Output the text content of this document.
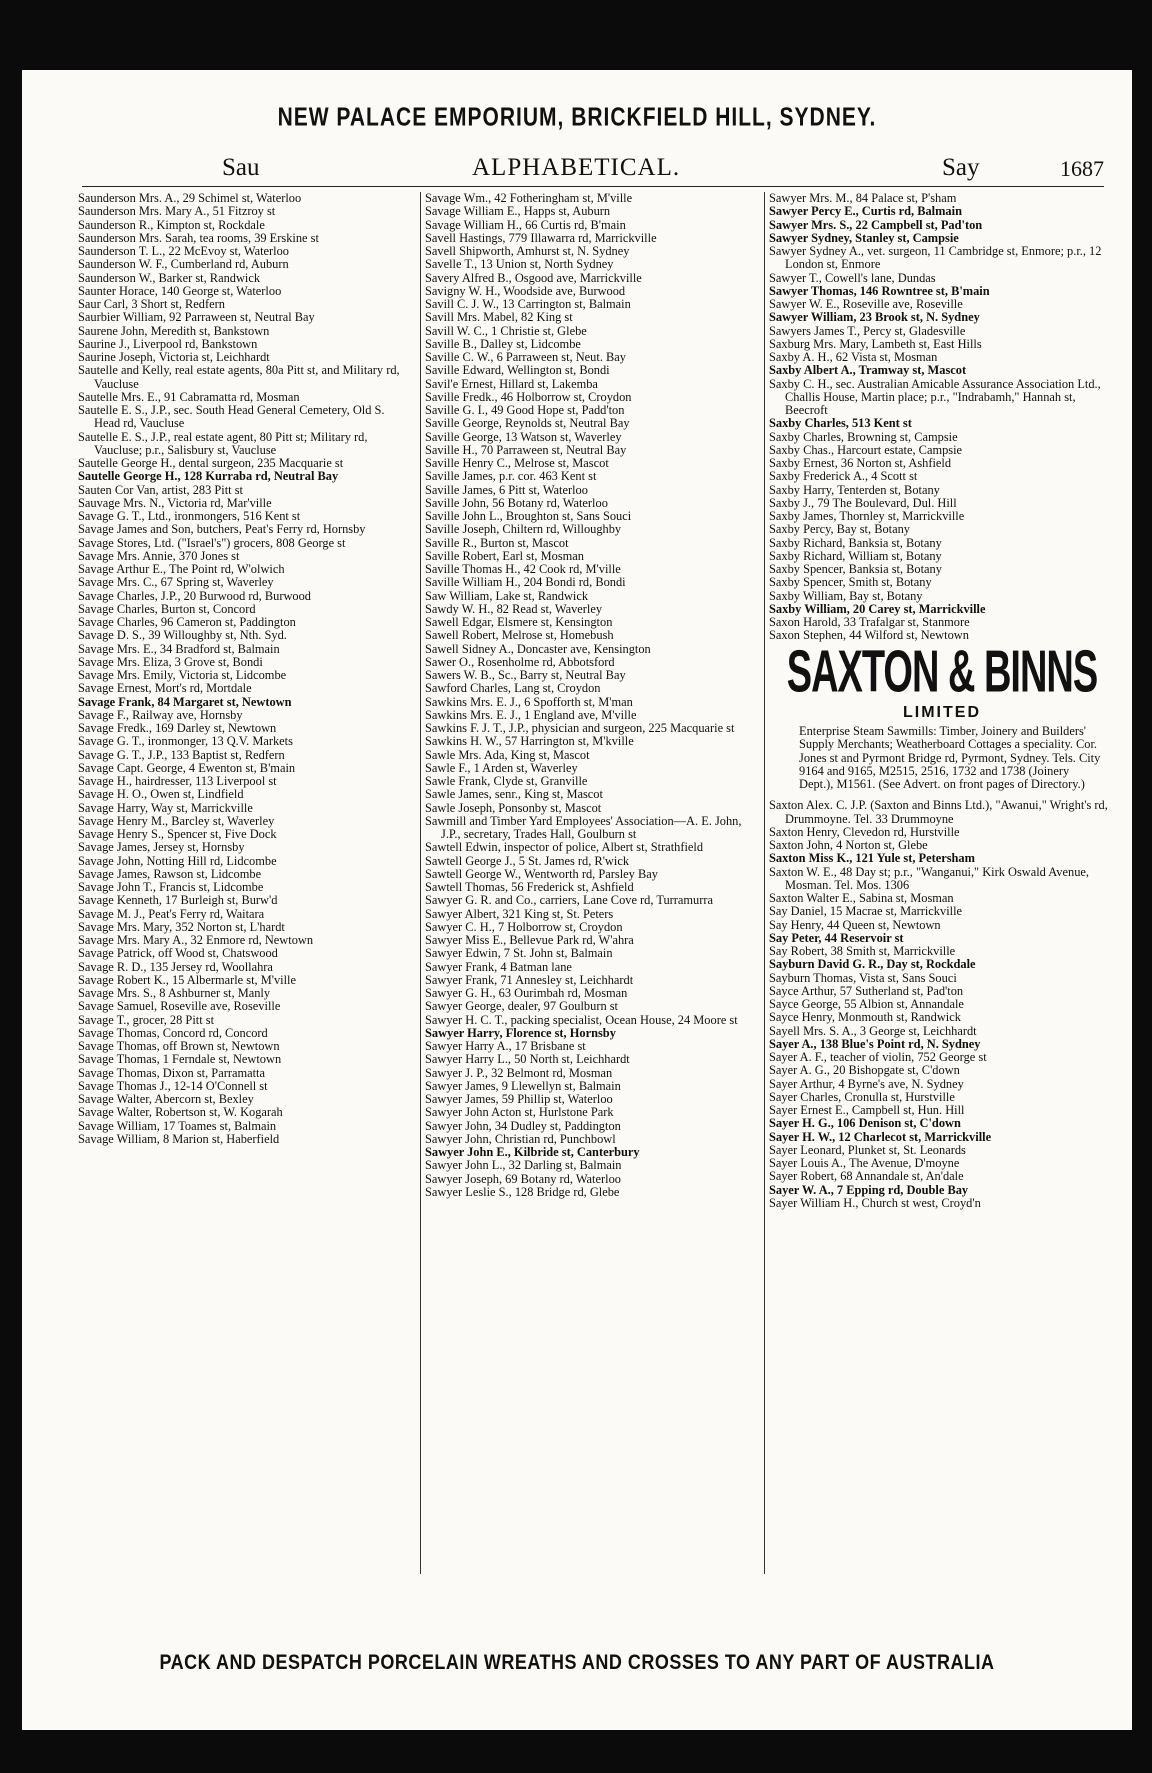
NEW PALACE EMPORIUM, BRICKFIELD HILL, SYDNEY.
Sau	ALPHABETICAL.	Say	1687
Saunderson Mrs. A., 29 Schimel st, Waterloo
Saunderson Mrs. Mary A., 51 Fitzroy st
Saunderson R., Kimpton st, Rockdale
Saunderson Mrs. Sarah, tea rooms, 39 Erskine st
Saunderson T. L., 22 McEvoy st, Waterloo
Saunderson W. F., Cumberland rd, Auburn
Saunderson W., Barker st, Randwick
Saunter Horace, 140 George st, Waterloo
Saur Carl, 3 Short st, Redfern
Saurbier William, 92 Parraween st, Neutral Bay
Saurene John, Meredith st, Bankstown
Saurine J., Liverpool rd, Bankstown
Saurine Joseph, Victoria st, Leichhardt
Sautelle and Kelly, real estate agents, 80a Pitt st, and Military rd, Vaucluse
Sautelle Mrs. E., 91 Cabramatta rd, Mosman
Sautelle E. S., J.P., sec. South Head General Cemetery, Old S. Head rd, Vaucluse
Sautelle E. S., J.P., real estate agent, 80 Pitt st; Military rd, Vaucluse; p.r., Salisbury st, Vaucluse
Sautelle George H., dental surgeon, 235 Macquarie st
Sautelle George H., 128 Kurraba rd, Neutral Bay
Sauten Cor Van, artist, 283 Pitt st
Sauvage Mrs. N., Victoria rd, Mar'ville
Savage G. T., Ltd., ironmongers, 516 Kent st
Savage James and Son, butchers, Peat's Ferry rd, Hornsby
Savage Stores, Ltd. ("Israel's") grocers, 808 George st
Savage Mrs. Annie, 370 Jones st
Savage Arthur E., The Point rd, W'olwich
Savage Mrs. C., 67 Spring st, Waverley
Savage Charles, J.P., 20 Burwood rd, Burwood
Savage Charles, Burton st, Concord
Savage Charles, 96 Cameron st, Paddington
Savage D. S., 39 Willoughby st, Nth. Syd.
Savage Mrs. E., 34 Bradford st, Balmain
Savage Mrs. Eliza, 3 Grove st, Bondi
Savage Mrs. Emily, Victoria st, Lidcombe
Savage Ernest, Mort's rd, Mortdale
Savage Frank, 84 Margaret st, Newtown
Savage F., Railway ave, Hornsby
Savage Fredk., 169 Darley st, Newtown
Savage G. T., ironmonger, 13 Q.V. Markets
Savage G. T., J.P., 133 Baptist st, Redfern
Savage Capt. George, 4 Ewenton st, B'main
Savage H., hairdresser, 113 Liverpool st
Savage H. O., Owen st, Lindfield
Savage Harry, Way st, Marrickville
Savage Henry M., Barcley st, Waverley
Savage Henry S., Spencer st, Five Dock
Savage James, Jersey st, Hornsby
Savage John, Notting Hill rd, Lidcombe
Savage James, Rawson st, Lidcombe
Savage John T., Francis st, Lidcombe
Savage Kenneth, 17 Burleigh st, Burw'd
Savage M. J., Peat's Ferry rd, Waitara
Savage Mrs. Mary, 352 Norton st, L'hardt
Savage Mrs. Mary A., 32 Enmore rd, Newtown
Savage Patrick, off Wood st, Chatswood
Savage R. D., 135 Jersey rd, Woollahra
Savage Robert K., 15 Albermarle st, M'ville
Savage Mrs. S., 8 Ashburner st, Manly
Savage Samuel, Roseville ave, Roseville
Savage T., grocer, 28 Pitt st
Savage Thomas, Concord rd, Concord
Savage Thomas, off Brown st, Newtown
Savage Thomas, 1 Ferndale st, Newtown
Savage Thomas, Dixon st, Parramatta
Savage Thomas J., 12-14 O'Connell st
Savage Walter, Abercorn st, Bexley
Savage Walter, Robertson st, W. Kogarah
Savage William, 17 Toames st, Balmain
Savage William, 8 Marion st, Haberfield
Savage Wm., 42 Fotheringham st, M'ville
Savage William E., Happs st, Auburn
Savage William H., 66 Curtis rd, B'main
Savell Hastings, 779 Illawarra rd, Marrickville
Savell Shipworth, Amhurst st, N. Sydney
Savelle T., 13 Union st, North Sydney
Savery Alfred B., Osgood ave, Marrickville
Savigny W. H., Woodside ave, Burwood
Savill C. J. W., 13 Carrington st, Balmain
Savill Mrs. Mabel, 82 King st
Savill W. C., 1 Christie st, Glebe
Saville B., Dalley st, Lidcombe
Saville C. W., 6 Parraween st, Neut. Bay
Saville Edward, Wellington st, Bondi
Savil'e Ernest, Hillard st, Lakemba
Saville Fredk., 46 Holborrow st, Croydon
Saville G. I., 49 Good Hope st, Padd'ton
Saville George, Reynolds st, Neutral Bay
Saville George, 13 Watson st, Waverley
Saville H., 70 Parraween st, Neutral Bay
Saville Henry C., Melrose st, Mascot
Saville James, p.r. cor. 463 Kent st
Saville James, 6 Pitt st, Waterloo
Saville John, 56 Botany rd, Waterloo
Saville John L., Broughton st, Sans Souci
Saville Joseph, Chiltern rd, Willoughby
Saville R., Burton st, Mascot
Saville Robert, Earl st, Mosman
Saville Thomas H., 42 Cook rd, M'ville
Saville William H., 204 Bondi rd, Bondi
Saw William, Lake st, Randwick
Sawdy W. H., 82 Read st, Waverley
Sawell Edgar, Elsmere st, Kensington
Sawell Robert, Melrose st, Homebush
Sawell Sidney A., Doncaster ave, Kensington
Sawer O., Rosenholme rd, Abbotsford
Sawers W. B., Sc., Barry st, Neutral Bay
Sawford Charles, Lang st, Croydon
Sawkins Mrs. E. J., 6 Spofforth st, M'man
Sawkins Mrs. E. J., 1 England ave, M'ville
Sawkins F. J. T., J.P., physician and surgeon, 225 Macquarie st
Sawkins H. W., 57 Harrington st, M'kville
Sawle Mrs. Ada, King st, Mascot
Sawle F., 1 Arden st, Waverley
Sawle Frank, Clyde st, Granville
Sawle James, senr., King st, Mascot
Sawle Joseph, Ponsonby st, Mascot
Sawmill and Timber Yard Employees' Association—A. E. John, J.P., secretary, Trades Hall, Goulburn st
Sawtell Edwin, inspector of police, Albert st, Strathfield
Sawtell George J., 5 St. James rd, R'wick
Sawtell George W., Wentworth rd, Parsley Bay
Sawtell Thomas, 56 Frederick st, Ashfield
Sawyer G. R. and Co., carriers, Lane Cove rd, Turramurra
Sawyer Albert, 321 King st, St. Peters
Sawyer C. H., 7 Holborrow st, Croydon
Sawyer Miss E., Bellevue Park rd, W'ahra
Sawyer Edwin, 7 St. John st, Balmain
Sawyer Frank, 4 Batman lane
Sawyer Frank, 71 Annesley st, Leichhardt
Sawyer G. H., 63 Ourimbah rd, Mosman
Sawyer George, dealer, 97 Goulburn st
Sawyer H. C. T., packing specialist, Ocean House, 24 Moore st
Sawyer Harry, Florence st, Hornsby
Sawyer Harry A., 17 Brisbane st
Sawyer Harry L., 50 North st, Leichhardt
Sawyer J. P., 32 Belmont rd, Mosman
Sawyer James, 9 Llewellyn st, Balmain
Sawyer James, 59 Phillip st, Waterloo
Sawyer John Acton st, Hurlstone Park
Sawyer John, 34 Dudley st, Paddington
Sawyer John, Christian rd, Punchbowl
Sawyer John E., Kilbride st, Canterbury
Sawyer John L., 32 Darling st, Balmain
Sawyer Joseph, 69 Botany rd, Waterloo
Sawyer Leslie S., 128 Bridge rd, Glebe
Sawyer Mrs. M., 84 Palace st, P'sham
Sawyer Percy E., Curtis rd, Balmain
Sawyer Mrs. S., 22 Campbell st, Pad'ton
Sawyer Sydney, Stanley st, Campsie
Sawyer Sydney A., vet. surgeon, 11 Cambridge st, Enmore; p.r., 12 London st, Enmore
Sawyer T., Cowell's lane, Dundas
Sawyer Thomas, 146 Rowntree st, B'main
Sawyer W. E., Roseville ave, Roseville
Sawyer William, 23 Brook st, N. Sydney
Sawyers James T., Percy st, Gladesville
Saxburg Mrs. Mary, Lambeth st, East Hills
Saxby A. H., 62 Vista st, Mosman
Saxby Albert A., Tramway st, Mascot
Saxby C. H., sec. Australian Amicable Assurance Association Ltd., Challis House, Martin place; p.r., "Indrabamh," Hannah st, Beecroft
Saxby Charles, 513 Kent st
Saxby Charles, Browning st, Campsie
Saxby Chas., Harcourt estate, Campsie
Saxby Ernest, 36 Norton st, Ashfield
Saxby Frederick A., 4 Scott st
Saxby Harry, Tenterden st, Botany
Saxby J., 79 The Boulevard, Dul. Hill
Saxby James, Thornley st, Marrickville
Saxby Percy, Bay st, Botany
Saxby Richard, Banksia st, Botany
Saxby Richard, William st, Botany
Saxby Spencer, Banksia st, Botany
Saxby Spencer, Smith st, Botany
Saxby William, Bay st, Botany
Saxby William, 20 Carey st, Marrickville
Saxon Harold, 33 Trafalgar st, Stanmore
Saxon Stephen, 44 Wilford st, Newtown
SAXTON & BINNS
LIMITED
Enterprise Steam Sawmills: Timber, Joinery and Builders' Supply Merchants; Weatherboard Cottages a speciality. Cor. Jones st and Pyrmont Bridge rd, Pyrmont, Sydney. Tels. City 9164 and 9165, M2515, 2516, 1732 and 1738 (Joinery Dept.), M1561. (See Advert. on front pages of Directory.)
Saxton Alex. C. J.P. (Saxton and Binns Ltd.), "Awanui," Wright's rd, Drummoyne. Tel. 33 Drummoyne
Saxton Henry, Clevedon rd, Hurstville
Saxton John, 4 Norton st, Glebe
Saxton Miss K., 121 Yule st, Petersham
Saxton W. E., 48 Day st; p.r., "Wanganui," Kirk Oswald Avenue, Mosman. Tel. Mos. 1306
Saxton Walter E., Sabina st, Mosman
Say Daniel, 15 Macrae st, Marrickville
Say Henry, 44 Queen st, Newtown
Say Peter, 44 Reservoir st
Say Robert, 38 Smith st, Marrickville
Sayburn David G. R., Day st, Rockdale
Sayburn Thomas, Vista st, Sans Souci
Sayce Arthur, 57 Sutherland st, Pad'ton
Sayce George, 55 Albion st, Annandale
Sayce Henry, Monmouth st, Randwick
Sayell Mrs. S. A., 3 George st, Leichhardt
Sayer A., 138 Blue's Point rd, N. Sydney
Sayer A. F., teacher of violin, 752 George st
Sayer A. G., 20 Bishopgate st, C'down
Sayer Arthur, 4 Byrne's ave, N. Sydney
Sayer Charles, Cronulla st, Hurstville
Sayer Ernest E., Campbell st, Hun. Hill
Sayer H. G., 106 Denison st, C'down
Sayer H. W., 12 Charlecot st, Marrickville
Sayer Leonard, Plunket st, St. Leonards
Sayer Louis A., The Avenue, D'moyne
Sayer Robert, 68 Annandale st, An'dale
Sayer W. A., 7 Epping rd, Double Bay
Sayer William H., Church st west, Croyd'n
PACK AND DESPATCH PORCELAIN WREATHS AND CROSSES TO ANY PART OF AUSTRALIA
